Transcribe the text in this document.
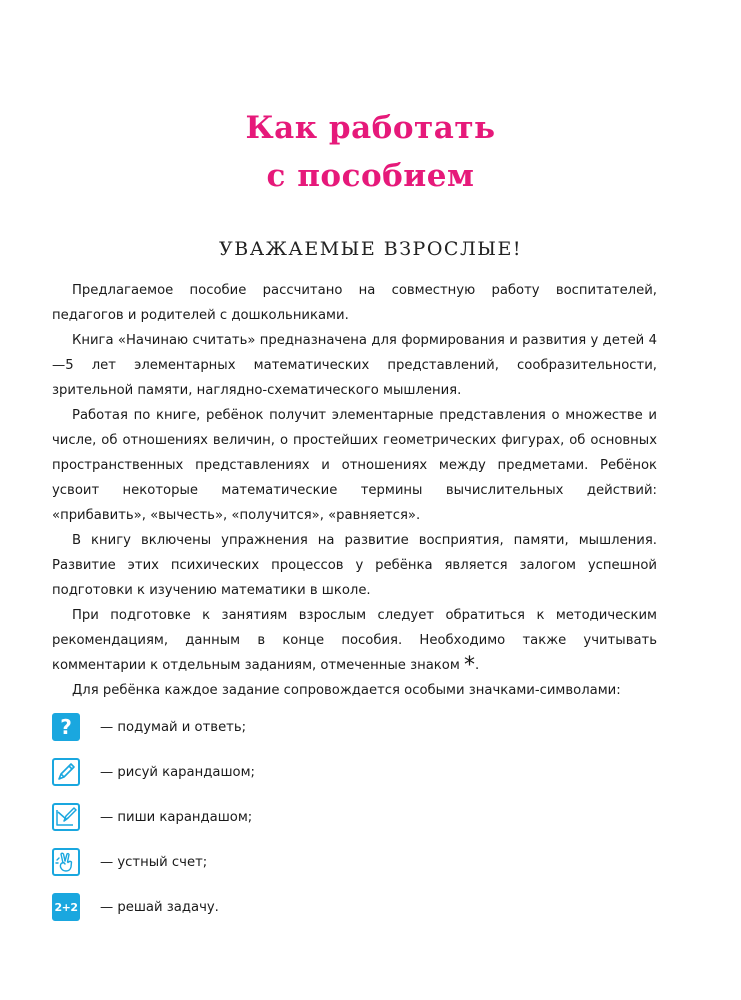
Как работать
с пособием
УВАЖАЕМЫЕ ВЗРОСЛЫЕ!

Предлагаемое пособие рассчитано на совместную работу воспитателей, педагогов и родителей с дошкольниками.

Книга «Начинаю считать» предназначена для формирования и развития у детей 4—5 лет элементарных математических представлений, сообразительности, зрительной памяти, наглядно-схематического мышления.

Работая по книге, ребёнок получит элементарные представления о множестве и числе, об отношениях величин, о простейших геометрических фигурах, об основных пространственных представлениях и отношениях между предметами. Ребёнок усвоит некоторые математические термины вычислительных действий: «прибавить», «вычесть», «получится», «равняется».

В книгу включены упражнения на развитие восприятия, памяти, мышления. Развитие этих психических процессов у ребёнка является залогом успешной подготовки к изучению математики в школе.

При подготовке к занятиям взрослым следует обратиться к методическим рекомендациям, данным в конце пособия. Необходимо также учитывать комментарии к отдельным заданиям, отмеченные знаком *.

Для ребёнка каждое задание сопровождается особыми значками-символами:

? — подумай и ответь;
— рисуй карандашом;
— пиши карандашом;
— устный счет;
2+2 — решай задачу.
